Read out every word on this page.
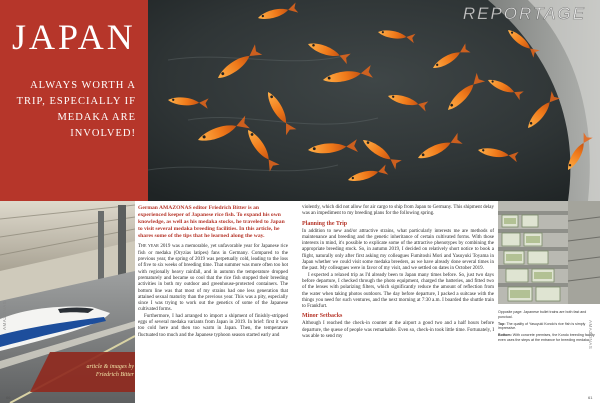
JAPAN
ALWAYS WORTH A TRIP, ESPECIALLY IF MEDAKA ARE INVOLVED!
REPORTAGE
article & images by
Friedrich Bitter

German AMAZONAS editor Friedrich Bitter is an experienced keeper of Japanese rice fish. To expand his own knowledge, as well as his medaka stocks, he traveled to Japan to visit several medaka breeding facilities. In this article, he shares some of the tips that he learned along the way.

The year 2019 was a memorable, yet unfavorable year for Japanese rice fish or medaka (Oryzias latipes) fans in Germany. Compared to the previous year, the spring of 2019 was perpetually cold, leading to the loss of five to six weeks of breeding time. That summer was more often too hot with regionally heavy rainfall, and in autumn the temperature dropped prematurely and became so cool that the rice fish stopped their breeding activities in both my outdoor and greenhouse-protected containers. The bottom line was that most of my strains had one less generation that attained sexual maturity than the previous year. This was a pity, especially since I was trying to work out the genetics of some of the Japanese cultivated forms.

Furthermore, I had arranged to import a shipment of finishly-stripped eggs of several medaka variants from Japan in 2019. In brief: first it was too cold here and then too warm in Japan. Then, the temperature fluctuated too much and the Japanese typhoon season started early and

violently, which did not allow for air cargo to ship from Japan to Germany. This shipment delay was an impediment to my breeding plans for the following spring.

Planning the Trip

In addition to new and/or attractive strains, what particularly interests me are methods of maintenance and breeding and the genetic inheritance of certain cultivated forms. With those interests in mind, it's possible to explicate some of the attractive phenotypes by combining the appropriate breeding stock. So, in autumn 2019, I decided on relatively short notice to book a flight, naturally only after first asking my colleagues Fumitoshi Mori and Yasuyuki Toyama in Japan whether we could visit some medaka breeders, as we have already done several times in the past. My colleagues were in favor of my visit, and we settled on dates in October 2019.

I expected a relaxed trip as I'd already been to Japan many times before. So, just two days before departure, I checked through the photo equipment, charged the batteries, and fitted two of the lenses with polarizing filters, which significantly reduce the amount of reflection from the water when taking photos outdoors. The day before departure, I packed a suitcase with the things you need for such ventures, and the next morning at 7:30 a.m. I boarded the shuttle train to Frankfurt.

Minor Setbacks

Although I reached the check-in counter at the airport a good two and a half hours before departure, the queue of people was remarkable. Even so, check-in took little time. Fortunately, I was able to send my

Opposite page: Japanese bullet trains are both fast and punctual.

Top: The quality of Yasuyuki Kondo's rice fish is simply impressive.

Bottom: With concrete premises, the Kondo breeding facility even uses the steps at the entrance for breeding medaka.

AMAZONAS
AMAZONAS
66	61
